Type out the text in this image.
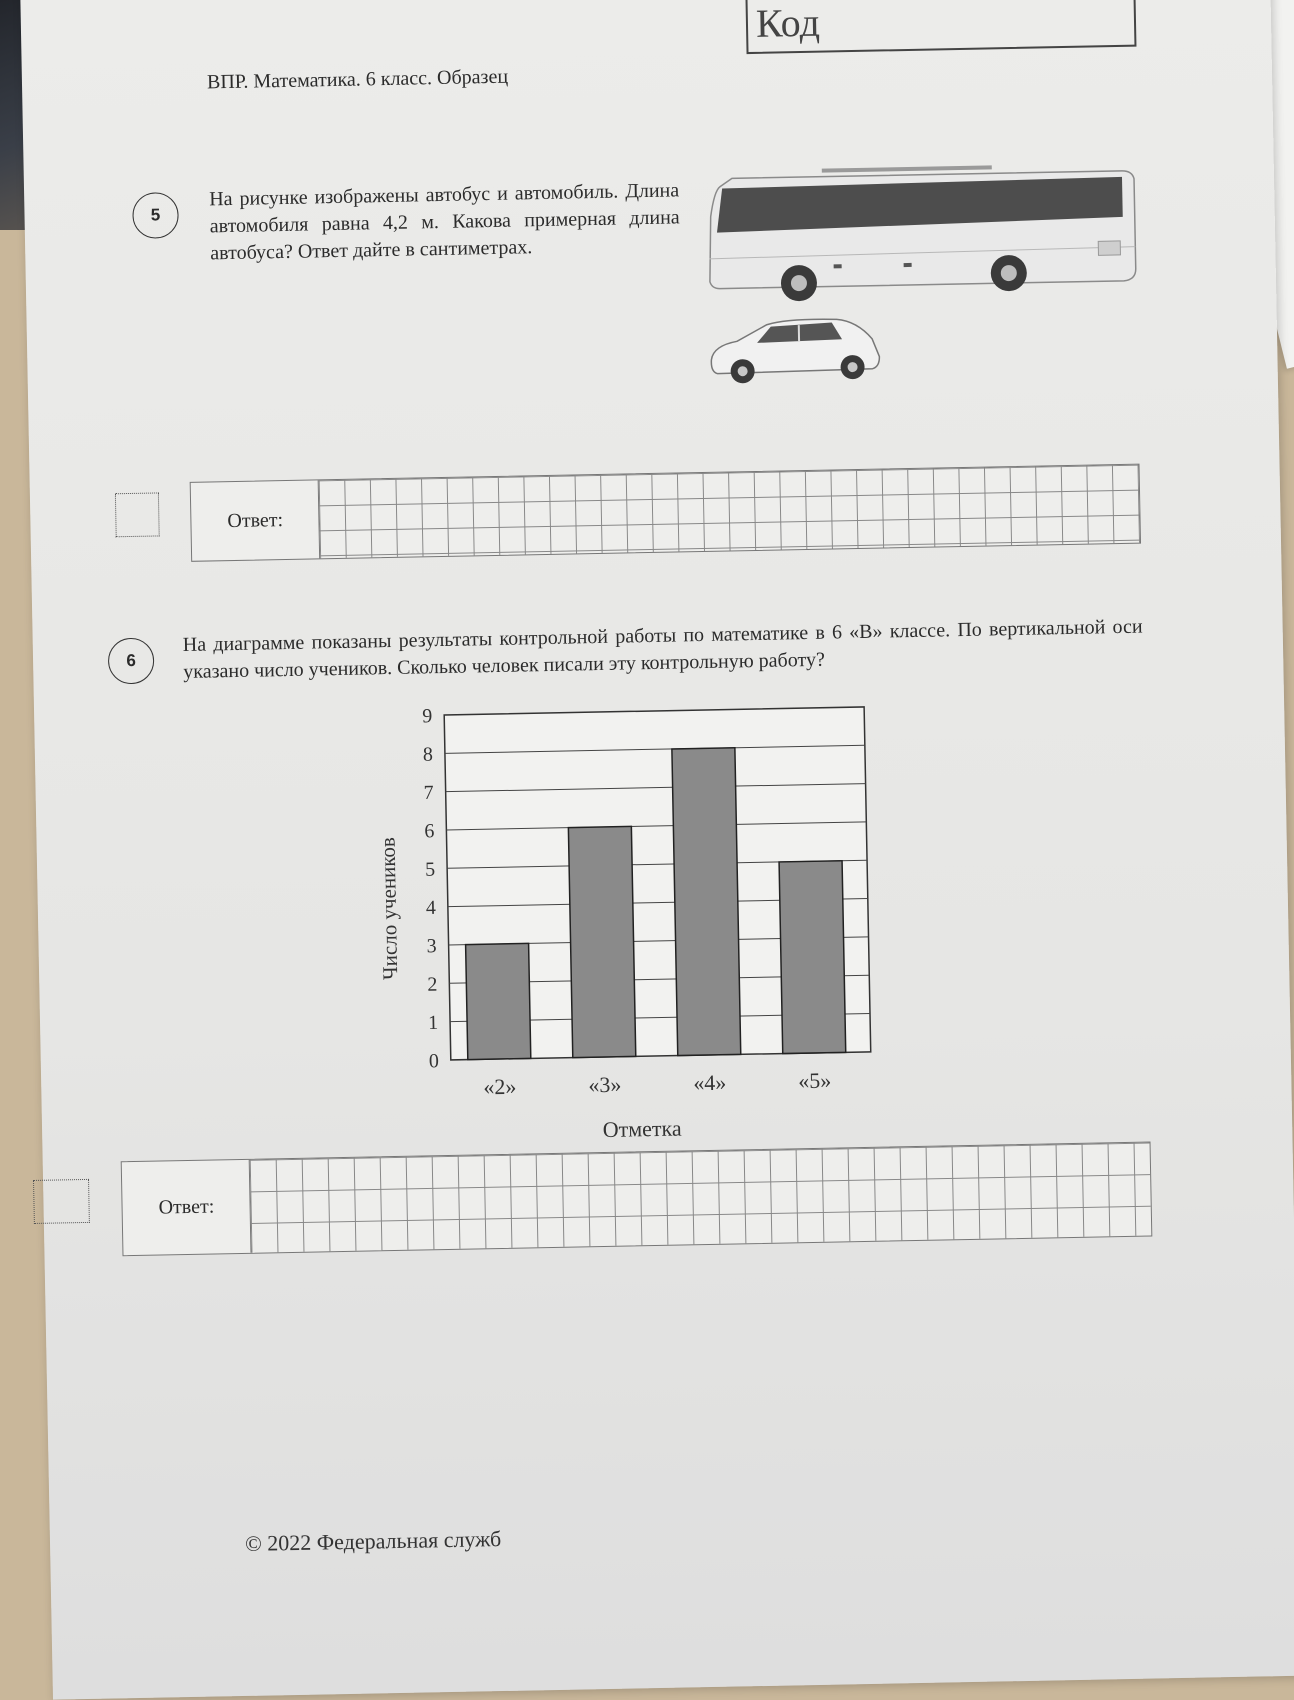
ВПР. Математика. 6 класс. Образец
Код
5
На рисунке изображены автобус и автомобиль. Длина автомобиля равна 4,2 м. Какова примерная длина автобуса? Ответ дайте в сантиметрах.
Ответ:
6
На диаграмме показаны результаты контрольной работы по математике в 6 «В» классе. По вертикальной оси указано число учеников. Сколько человек писали эту контрольную работу?
0
1
2
3
4
5
6
7
8
9
«2»	«3»	«4»	«5»
Число учеников
Отметка
Ответ:
© 2022 Федеральная служб
